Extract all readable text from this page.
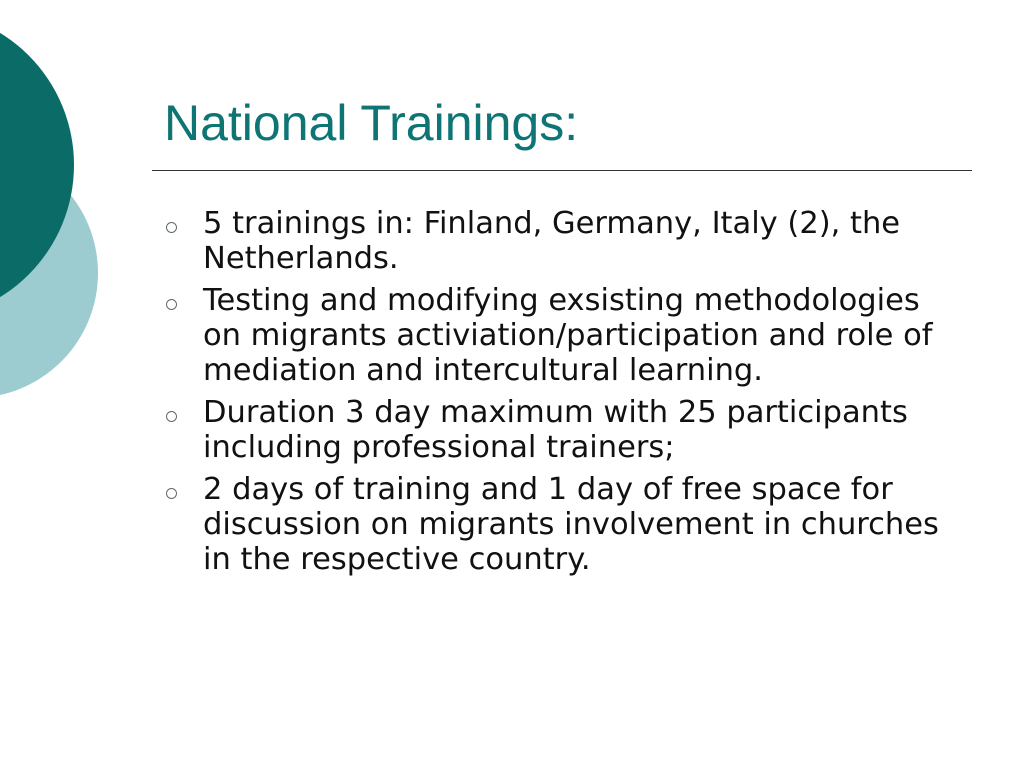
National Trainings:
5 trainings in: Finland, Germany, Italy (2), the Netherlands.
Testing and modifying exsisting methodologies on migrants activiation/participation and role of mediation and intercultural learning.
Duration 3 day maximum with 25 participants including professional trainers;
2 days of training and 1 day of free space for discussion on migrants involvement in churches in the respective country.
